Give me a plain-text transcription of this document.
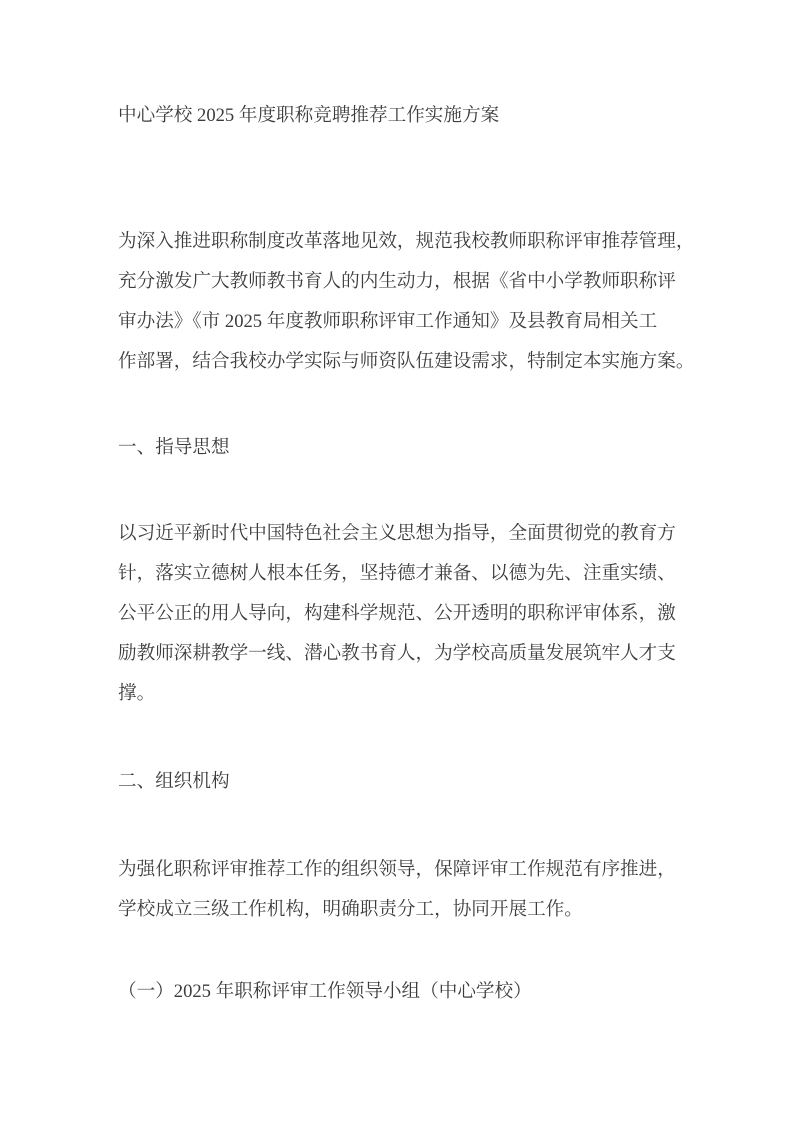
中心学校 2025 年度职称竞聘推荐工作实施方案
为深入推进职称制度改革落地见效，规范我校教师职称评审推荐管理，
充分激发广大教师教书育人的内生动力，根据《省中小学教师职称评
审办法》《市 2025 年度教师职称评审工作通知》及县教育局相关工
作部署，结合我校办学实际与师资队伍建设需求，特制定本实施方案。
一、指导思想
以习近平新时代中国特色社会主义思想为指导，全面贯彻党的教育方
针，落实立德树人根本任务，坚持德才兼备、以德为先、注重实绩、
公平公正的用人导向，构建科学规范、公开透明的职称评审体系，激
励教师深耕教学一线、潜心教书育人，为学校高质量发展筑牢人才支
撑。
二、组织机构
为强化职称评审推荐工作的组织领导，保障评审工作规范有序推进，
学校成立三级工作机构，明确职责分工，协同开展工作。
（一）2025 年职称评审工作领导小组（中心学校）
